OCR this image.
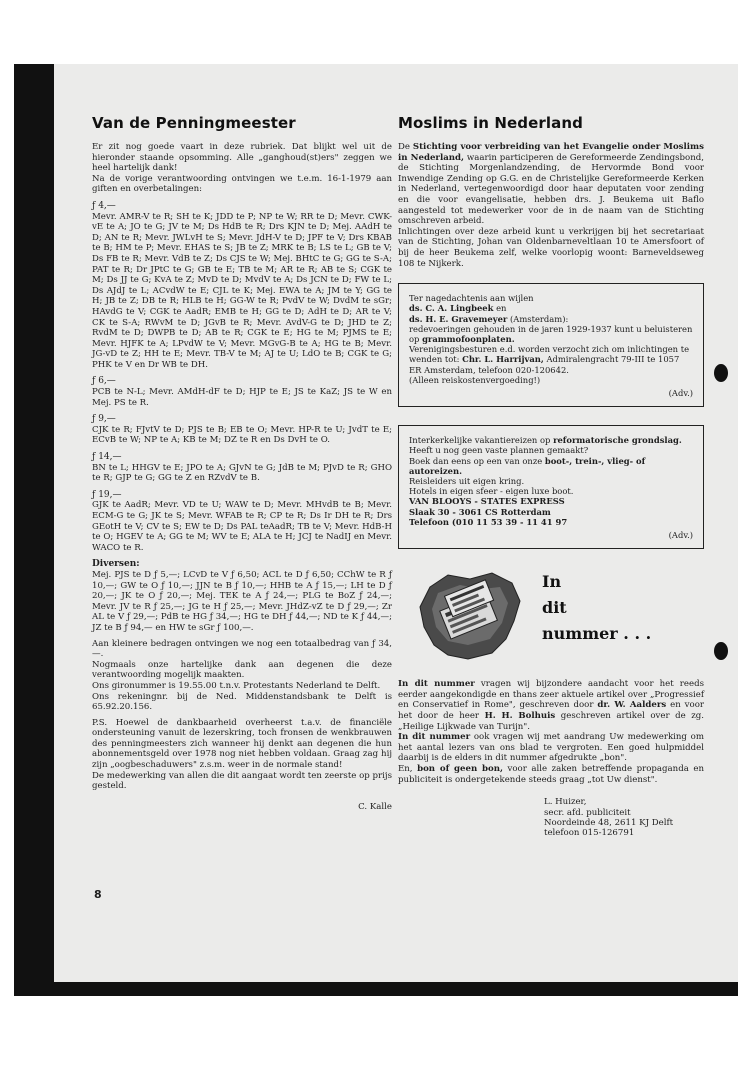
Van de Penningmeester

Er zit nog goede vaart in deze rubriek. Dat blijkt wel uit de hieronder staande opsomming. Alle „ganghoud(st)ers" zeggen we heel hartelijk dank!

Na de vorige verantwoording ontvingen we t.e.m. 16-1-1979 aan giften en overbetalingen:

ƒ 4,—

Mevr. AMR-V te R; SH te K; JDD te P; NP te W; RR te D; Mevr. CWK-vE te A; JO te G; JV te M; Ds HdB te R; Drs KJN te D; Mej. AAdH te D; AN te R; Mevr. JWLvH te S; Mevr. JdH-V te D; JPF te V; Drs KBAB te B; HM te P; Mevr. EHAS te S; JB te Z; MRK te B; LS te L; GB te V; Ds FB te R; Mevr. VdB te Z; Ds CJS te W; Mej. BHtC te G; GG te S-A; PAT te R; Dr JPtC te G; GB te E; TB te M; AR te R; AB te S; CGK te M; Ds JJ te G; KvA te Z; MvD te D; MvdV te A; Ds JCN te D; FW te L; Ds AJdJ te L; ACvdW te E; CJL te K; Mej. EWA te A; JM te Y; GG te H; JB te Z; DB te R; HLB te H; GG-W te R; PvdV te W; DvdM te sGr; HAvdG te V; CGK te AadR; EMB te H; GG te D; AdH te D; AR te V; CK te S-A; RWvM te D; JGvB te R; Mevr. AvdV-G te D; JHD te Z; RvdM te D; DWPB te D; AB te R; CGK te E; HG te M; PJMS te E; Mevr. HJFK te A; LPvdW te V; Mevr. MGvG-B te A; HG te B; Mevr. JG-vD te Z; HH te E; Mevr. TB-V te M; AJ te U; LdO te B; CGK te G; PHK te V en Dr WB te DH.

ƒ 6,—

PCB te N-L; Mevr. AMdH-dF te D; HJP te E; JS te KaZ; JS te W en Mej. PS te R.

ƒ 9,—

CJK te R; FJvtV te D; PJS te B; EB te O; Mevr. HP-R te U; JvdT te E; ECvB te W; NP te A; KB te M; DZ te R en Ds DvH te O.

ƒ 14,—

BN te L; HHGV te E; JPO te A; GJvN te G; JdB te M; PJvD te R; GHO te R; GJP te G; GG te Z en RZvdV te B.

ƒ 19,—

GJK te AadR; Mevr. VD te U; WAW te D; Mevr. MHvdB te B; Mevr. ECM-G te G; JK te S; Mevr. WFAB te R; CP te R; Ds Ir DH te R; Drs GEotH te V; CV te S; EW te D; Ds PAL teAadR; TB te V; Mevr. HdB-H te O; HGEV te A; GG te M; WV te E; ALA te H; JCJ te NadIJ en Mevr. WACO te R.

Diversen:

Mej. PJS te D ƒ 5,—; LCvD te V ƒ 6,50; ACL te D ƒ 6,50; CChW te R ƒ 10,—; GW te O ƒ 10,—; JJN te B ƒ 10,—; HHB te A ƒ 15,—; LH te D ƒ 20,—; JK te O ƒ 20,—; Mej. TEK te A ƒ 24,—; PLG te BoZ ƒ 24,—; Mevr. JV te R ƒ 25,—; JG te H ƒ 25,—; Mevr. JHdZ-vZ te D ƒ 29,—; Zr AL te V ƒ 29,—; PdB te HG ƒ 34,—; HG te DH ƒ 44,—; ND te K ƒ 44,—; JZ te B ƒ 94,— en HW te sGr ƒ 100,—.

Aan kleinere bedragen ontvingen we nog een totaalbedrag van ƒ 34,—.

Nogmaals onze hartelijke dank aan degenen die deze verantwoording mogelijk maakten.

Ons gironummer is 19.55.00 t.n.v. Protestants Nederland te Delft.

Ons rekeningnr. bij de Ned. Middenstandsbank te Delft is 65.92.20.156.

P.S. Hoewel de dankbaarheid overheerst t.a.v. de financiële ondersteuning vanuit de lezerskring, toch fronsen de wenkbrauwen des penningmeesters zich wanneer hij denkt aan degenen die hun abonnementsgeld over 1978 nog niet hebben voldaan. Graag zag hij zijn „oogbeschaduwers" z.s.m. weer in de normale stand!

De medewerking van allen die dit aangaat wordt ten zeerste op prijs gesteld.

C. Kalle
8
Moslims in Nederland

De Stichting voor verbreiding van het Evangelie onder Moslims in Nederland, waarin participeren de Gereformeerde Zendingsbond, de Stichting Morgenlandzending, de Hervormde Bond voor Inwendige Zending op G.G. en de Christelijke Gereformeerde Kerken in Nederland, vertegenwoordigd door haar deputaten voor zending en die voor evangelisatie, hebben drs. J. Beukema uit Baflo aangesteld tot medewerker voor de in de naam van de Stichting omschreven arbeid.

Inlichtingen over deze arbeid kunt u verkrijgen bij het secretariaat van de Stichting, Johan van Oldenbarneveltlaan 10 te Amersfoort of bij de heer Beukema zelf, welke voorlopig woont: Barneveldseweg 108 te Nijkerk.

Ter nagedachtenis aan wijlen
ds. C. A. Lingbeek en
ds. H. E. Gravemeyer (Amsterdam):
redevoeringen gehouden in de jaren 1929-1937 kunt u beluisteren op grammofoonplaten.
Verenigingsbesturen e.d. worden verzocht zich om inlichtingen te wenden tot: Chr. L. Harrijvan, Admiralengracht 79-III te 1057 ER Amsterdam, telefoon 020-120642.
(Alleen reiskostenvergoeding!)
(Adv.)
Interkerkelijke vakantiereizen op reformatorische grondslag.
Heeft u nog geen vaste plannen gemaakt?
Boek dan eens op een van onze boot-, trein-, vlieg- of autoreizen.
Reisleiders uit eigen kring.
Hotels in eigen sfeer - eigen luxe boot.
VAN BLOOYS - STATES EXPRESS
Slaak 30 - 3061 CS Rotterdam
Telefoon (010 11 53 39 - 11 41 97
(Adv.)
In
dit
nummer . . .

In dit nummer vragen wij bijzondere aandacht voor het reeds eerder aangekondigde en thans zeer aktuele artikel over „Progressief en Conservatief in Rome", geschreven door dr. W. Aalders en voor het door de heer H. H. Bolhuis geschreven artikel over de zg. „Heilige Lijkwade van Turijn".

In dit nummer ook vragen wij met aandrang Uw medewerking om het aantal lezers van ons blad te vergroten. Een goed hulpmiddel daarbij is de elders in dit nummer afgedrukte „bon".

En, bon of geen bon, voor alle zaken betreffende propaganda en publiciteit is ondergetekende steeds graag „tot Uw dienst".

L. Huizer,
secr. afd. publiciteit
Noordeinde 48, 2611 KJ Delft
telefoon 015-126791
